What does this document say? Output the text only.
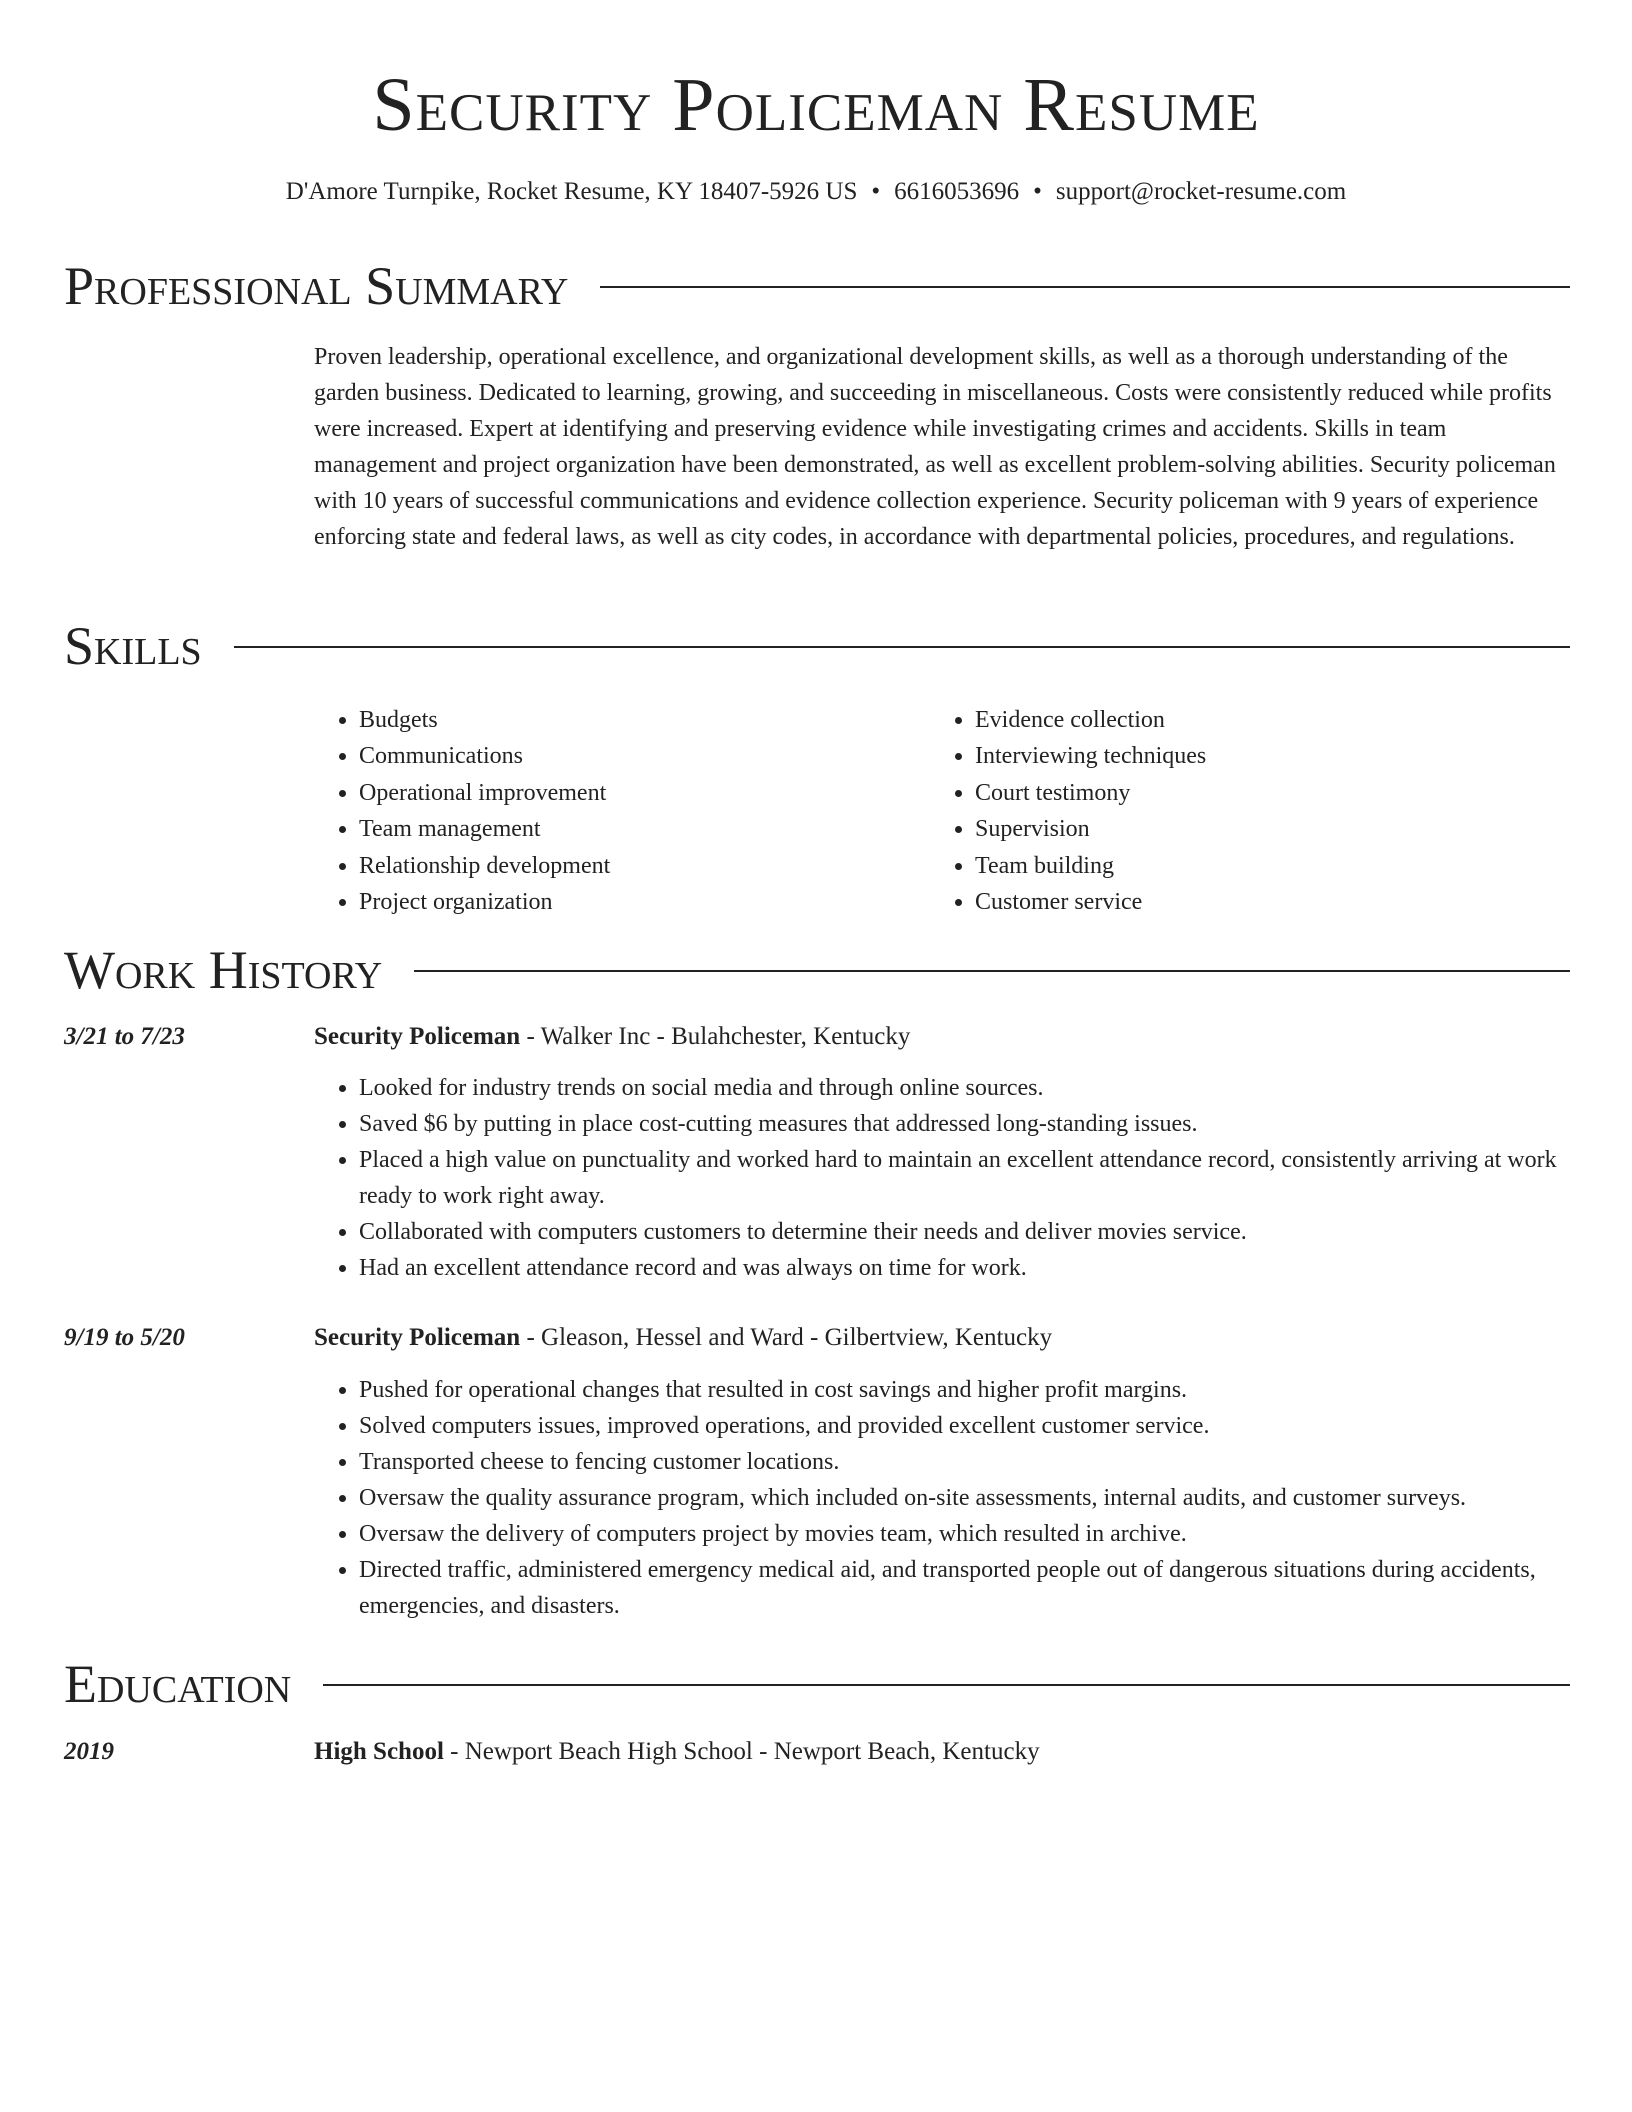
Security Policeman Resume
D'Amore Turnpike, Rocket Resume, KY 18407-5926 US • 6616053696 • support@rocket-resume.com
Professional Summary

Proven leadership, operational excellence, and organizational development skills, as well as a thorough understanding of the garden business. Dedicated to learning, growing, and succeeding in miscellaneous. Costs were consistently reduced while profits were increased. Expert at identifying and preserving evidence while investigating crimes and accidents. Skills in team management and project organization have been demonstrated, as well as excellent problem-solving abilities. Security policeman with 10 years of successful communications and evidence collection experience. Security policeman with 9 years of experience enforcing state and federal laws, as well as city codes, in accordance with departmental policies, procedures, and regulations.

Skills
• Budgets
• Communications
• Operational improvement
• Team management
• Relationship development
• Project organization
• Evidence collection
• Interviewing techniques
• Court testimony
• Supervision
• Team building
• Customer service
Work History
3/21 to 7/23	Security Policeman - Walker Inc - Bulahchester, Kentucky
• Looked for industry trends on social media and through online sources.
• Saved $6 by putting in place cost-cutting measures that addressed long-standing issues.
• Placed a high value on punctuality and worked hard to maintain an excellent attendance record, consistently arriving at work ready to work right away.
• Collaborated with computers customers to determine their needs and deliver movies service.
• Had an excellent attendance record and was always on time for work.
9/19 to 5/20	Security Policeman - Gleason, Hessel and Ward - Gilbertview, Kentucky
• Pushed for operational changes that resulted in cost savings and higher profit margins.
• Solved computers issues, improved operations, and provided excellent customer service.
• Transported cheese to fencing customer locations.
• Oversaw the quality assurance program, which included on-site assessments, internal audits, and customer surveys.
• Oversaw the delivery of computers project by movies team, which resulted in archive.
• Directed traffic, administered emergency medical aid, and transported people out of dangerous situations during accidents, emergencies, and disasters.
Education
2019	High School - Newport Beach High School - Newport Beach, Kentucky
